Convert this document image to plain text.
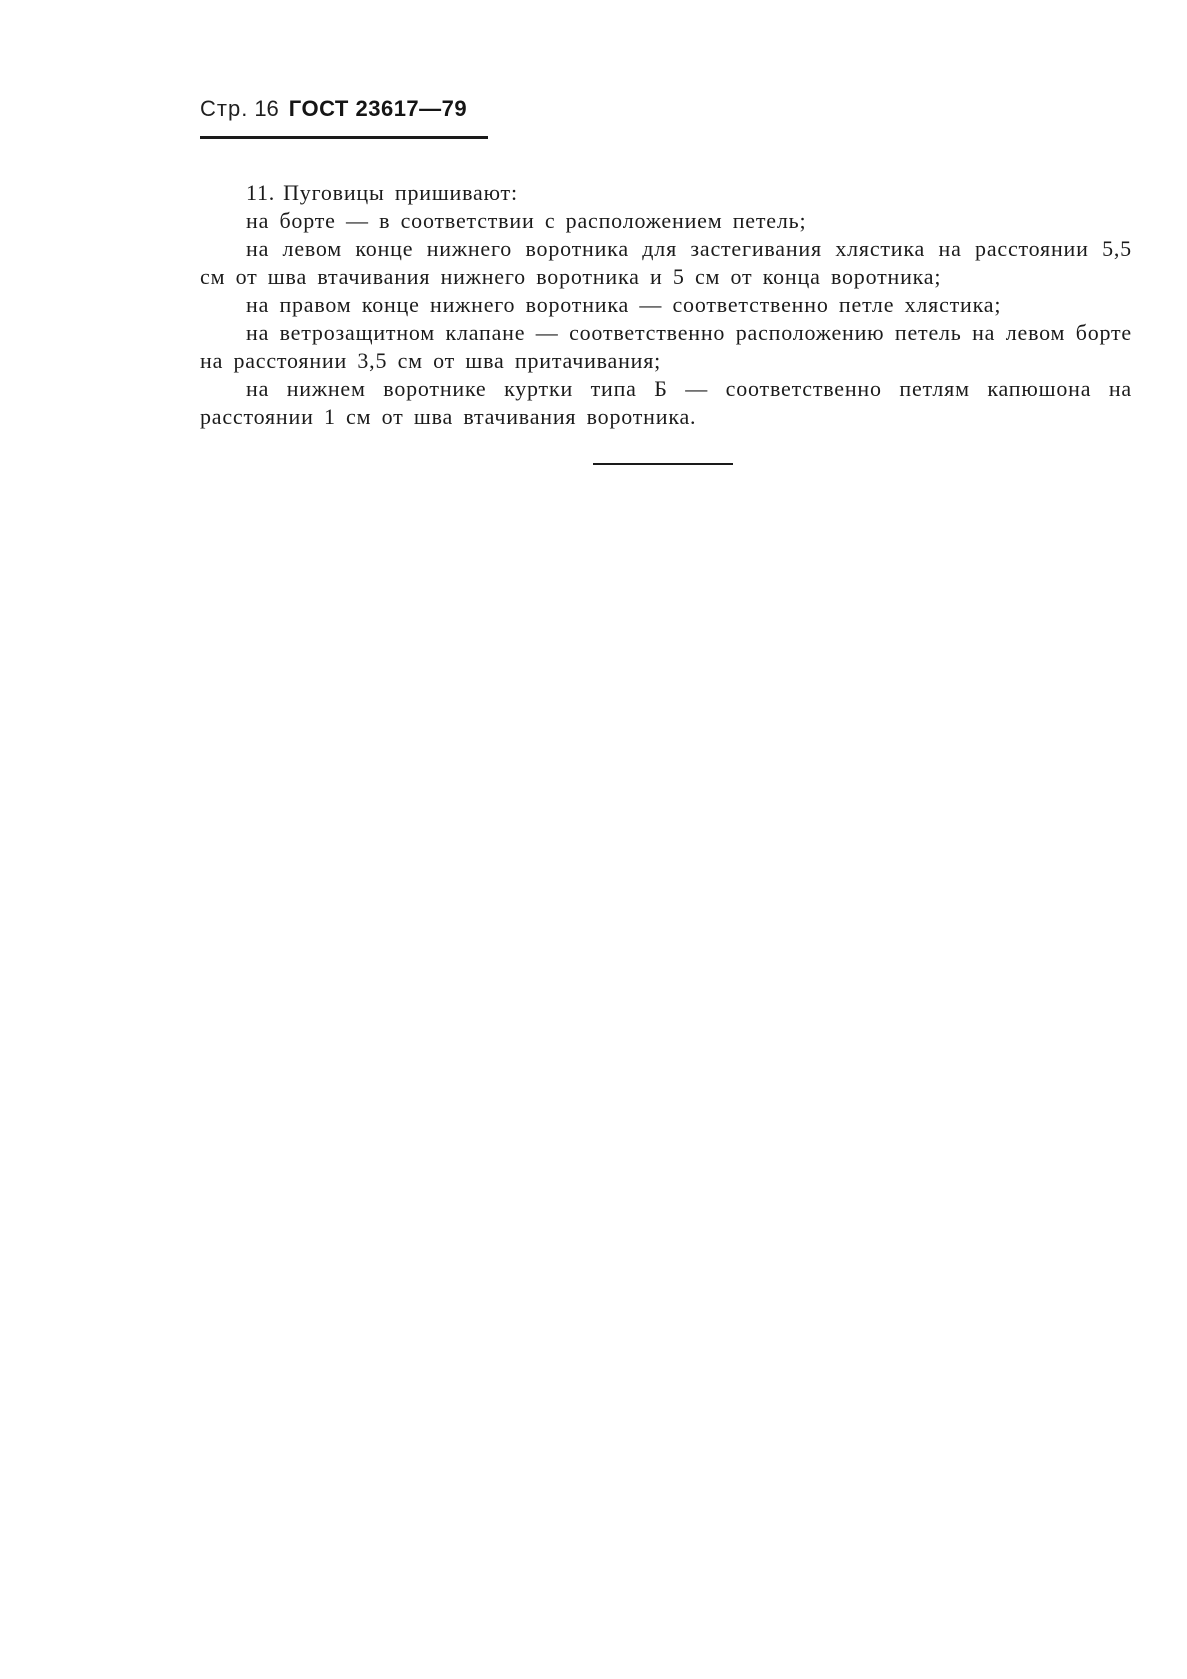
Стр. 16 ГОСТ 23617—79

11. Пуговицы пришивают:

на борте — в соответствии с расположением петель;

на левом конце нижнего воротника для застегивания хлястика на расстоянии 5,5 см от шва втачивания нижнего воротника и 5 см от конца воротника;

на правом конце нижнего воротника — соответственно петле хлястика;

на ветрозащитном клапане — соответственно расположению петель на левом борте на расстоянии 3,5 см от шва притачивания;

на нижнем воротнике куртки типа Б — соответственно петлям капюшона на расстоянии 1 см от шва втачивания воротника.
